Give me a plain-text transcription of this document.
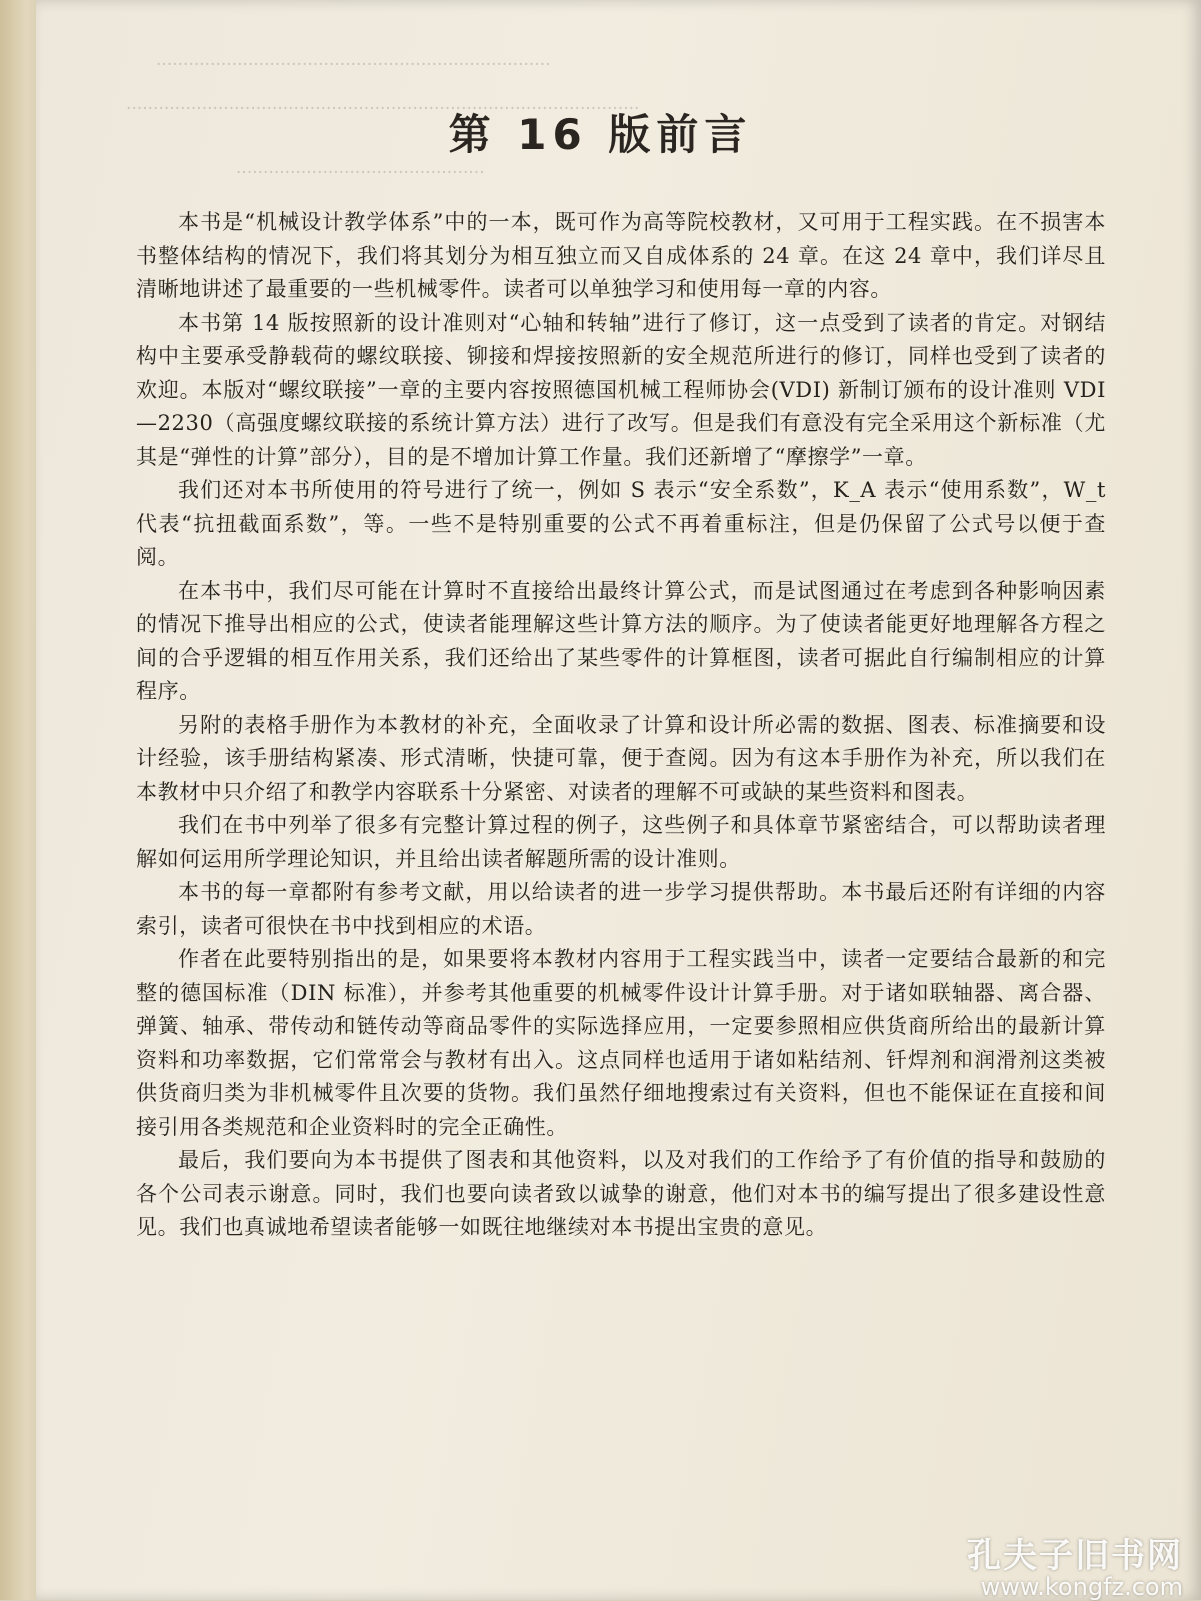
·········································································
·······························································································
··············································
第 16 版前言

本书是“机械设计教学体系”中的一本，既可作为高等院校教材，又可用于工程实践。在不损害本书整体结构的情况下，我们将其划分为相互独立而又自成体系的 24 章。在这 24 章中，我们详尽且清晰地讲述了最重要的一些机械零件。读者可以单独学习和使用每一章的内容。

本书第 14 版按照新的设计准则对“心轴和转轴”进行了修订，这一点受到了读者的肯定。对钢结构中主要承受静载荷的螺纹联接、铆接和焊接按照新的安全规范所进行的修订，同样也受到了读者的欢迎。本版对“螺纹联接”一章的主要内容按照德国机械工程师协会(VDI) 新制订颁布的设计准则 VDI—2230（高强度螺纹联接的系统计算方法）进行了改写。但是我们有意没有完全采用这个新标准（尤其是“弹性的计算”部分），目的是不增加计算工作量。我们还新增了“摩擦学”一章。

我们还对本书所使用的符号进行了统一，例如 S 表示“安全系数”，K_A 表示“使用系数”，W_t 代表“抗扭截面系数”，等。一些不是特别重要的公式不再着重标注，但是仍保留了公式号以便于查阅。

在本书中，我们尽可能在计算时不直接给出最终计算公式，而是试图通过在考虑到各种影响因素的情况下推导出相应的公式，使读者能理解这些计算方法的顺序。为了使读者能更好地理解各方程之间的合乎逻辑的相互作用关系，我们还给出了某些零件的计算框图，读者可据此自行编制相应的计算程序。

另附的表格手册作为本教材的补充，全面收录了计算和设计所必需的数据、图表、标准摘要和设计经验，该手册结构紧凑、形式清晰，快捷可靠，便于查阅。因为有这本手册作为补充，所以我们在本教材中只介绍了和教学内容联系十分紧密、对读者的理解不可或缺的某些资料和图表。

我们在书中列举了很多有完整计算过程的例子，这些例子和具体章节紧密结合，可以帮助读者理解如何运用所学理论知识，并且给出读者解题所需的设计准则。

本书的每一章都附有参考文献，用以给读者的进一步学习提供帮助。本书最后还附有详细的内容索引，读者可很快在书中找到相应的术语。

作者在此要特别指出的是，如果要将本教材内容用于工程实践当中，读者一定要结合最新的和完整的德国标准（DIN 标准），并参考其他重要的机械零件设计计算手册。对于诸如联轴器、离合器、弹簧、轴承、带传动和链传动等商品零件的实际选择应用，一定要参照相应供货商所给出的最新计算资料和功率数据，它们常常会与教材有出入。这点同样也适用于诸如粘结剂、钎焊剂和润滑剂这类被供货商归类为非机械零件且次要的货物。我们虽然仔细地搜索过有关资料，但也不能保证在直接和间接引用各类规范和企业资料时的完全正确性。

最后，我们要向为本书提供了图表和其他资料，以及对我们的工作给予了有价值的指导和鼓励的各个公司表示谢意。同时，我们也要向读者致以诚挚的谢意，他们对本书的编写提出了很多建设性意见。我们也真诚地希望读者能够一如既往地继续对本书提出宝贵的意见。

孔夫子旧书网
www.kongfz.com
